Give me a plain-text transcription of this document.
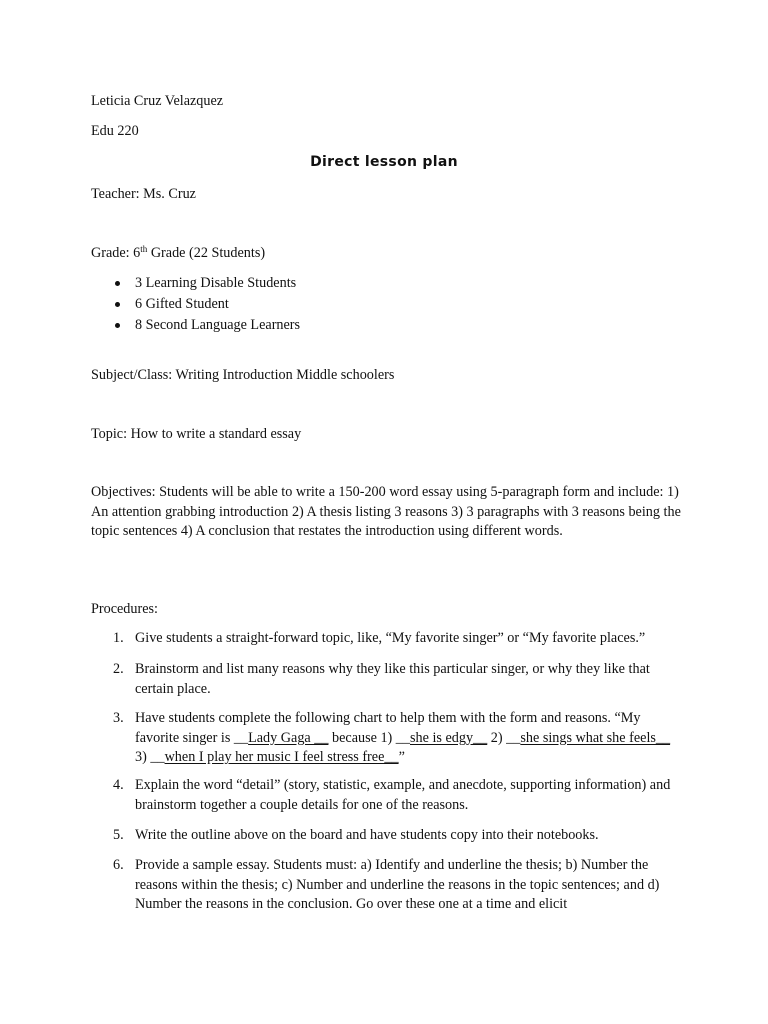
Leticia Cruz Velazquez
Edu 220
Direct lesson plan
Teacher: Ms. Cruz
Grade: 6th Grade (22 Students)
3 Learning Disable Students
6 Gifted Student
8 Second Language Learners
Subject/Class: Writing Introduction Middle schoolers
Topic: How to write a standard essay
Objectives: Students will be able to write a 150-200 word essay using 5-paragraph form and include: 1) An attention grabbing introduction 2) A thesis listing 3 reasons 3) 3 paragraphs with 3 reasons being the topic sentences 4) A conclusion that restates the introduction using different words.
Procedures:
1. Give students a straight-forward topic, like, “My favorite singer” or “My favorite places.”
2. Brainstorm and list many reasons why they like this particular singer, or why they like that certain place.
3. Have students complete the following chart to help them with the form and reasons. “My favorite singer is __Lady Gaga __ because 1) __she is edgy__ 2) __she sings what she feels__ 3) __when I play her music I feel stress free__”
4. Explain the word “detail” (story, statistic, example, and anecdote, supporting information) and brainstorm together a couple details for one of the reasons.
5. Write the outline above on the board and have students copy into their notebooks.
6. Provide a sample essay. Students must: a) Identify and underline the thesis; b) Number the reasons within the thesis; c) Number and underline the reasons in the topic sentences; and d) Number the reasons in the conclusion. Go over these one at a time and elicit
